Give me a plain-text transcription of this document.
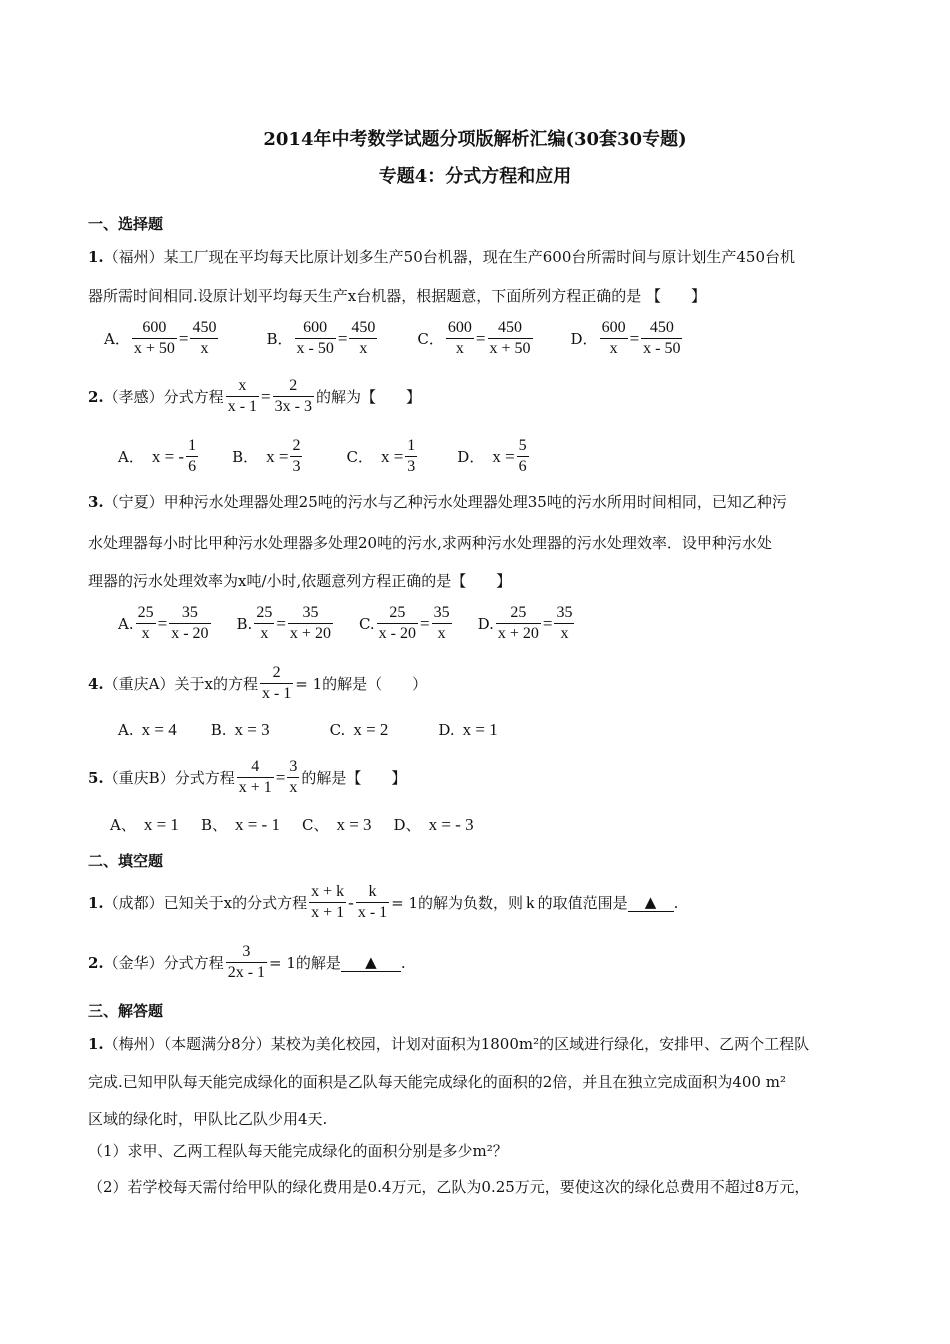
2014年中考数学试题分项版解析汇编(30套30专题)
专题4：分式方程和应用
一、选择题
1.（福州）某工厂现在平均每天比原计划多生产50台机器，现在生产600台所需时间与原计划生产450台机
器所需时间相同.设原计划平均每天生产x台机器，根据题意，下面所列方程正确的是 【　　】
A． $\frac{600}{x + 50} = \frac{450}{x}$	B． $\frac{600}{x - 50} = \frac{450}{x}$	C． $\frac{600}{x} = \frac{450}{x + 50}$	D． $\frac{600}{x} = \frac{450}{x - 50}$
2. （孝感）分式方程 $\frac{x}{x - 1} = \frac{2}{3x - 3}$ 的解为【　　】
A． x = - $\frac{1}{6}$ B． $x = \frac{2}{3}$	C． $x = \frac{1}{3}$	D． $x = \frac{5}{6}$
3.（宁夏）甲种污水处理器处理25吨的污水与乙种污水处理器处理35吨的污水所用时间相同，已知乙种污
水处理器每小时比甲种污水处理器多处理20吨的污水,求两种污水处理器的污水处理效率．设甲种污水处
理器的污水处理效率为x吨/小时,依题意列方程正确的是【　　】
A. $\frac{25}{x} = \frac{35}{x - 20} B$. $\frac{25}{x} = \frac{35}{x + 20} C$. $\frac{25}{x - 20} = \frac{35}{x} D$. $\frac{25}{x + 20} = \frac{35}{x}$
4. （重庆A）关于x的方程 $\frac{2}{x - 1} = 1$的解是（　　）
A. x = 4 B. x = 3	C. x = 2	D. x = 1
5. （重庆B）分式方程 $\frac{4}{x + 1} = \frac{3}{x}$ 的解是【　　】
A、 x = 1 B、 x = - 1 C、 x = 3 D、 x = - 3
二、填空题
1. （成都）已知关于x的分式方程 $\frac{x + k}{x + 1} - \frac{k}{x - 1} = 1$的解为负数，则 k 的取值范围是	▲	.
2. （金华）分式方程 $\frac{3}{2x - 1} = 1$的解是	▲	.
三、解答题
1.（梅州）（本题满分8分）某校为美化校园，计划对面积为1800m²的区域进行绿化，安排甲、乙两个工程队
完成.已知甲队每天能完成绿化的面积是乙队每天能完成绿化的面积的2倍，并且在独立完成面积为400 m²
区域的绿化时，甲队比乙队少用4天.
（1）求甲、乙两工程队每天能完成绿化的面积分别是多少m²？
（2）若学校每天需付给甲队的绿化费用是0.4万元，乙队为0.25万元，要使这次的绿化总费用不超过8万元，
